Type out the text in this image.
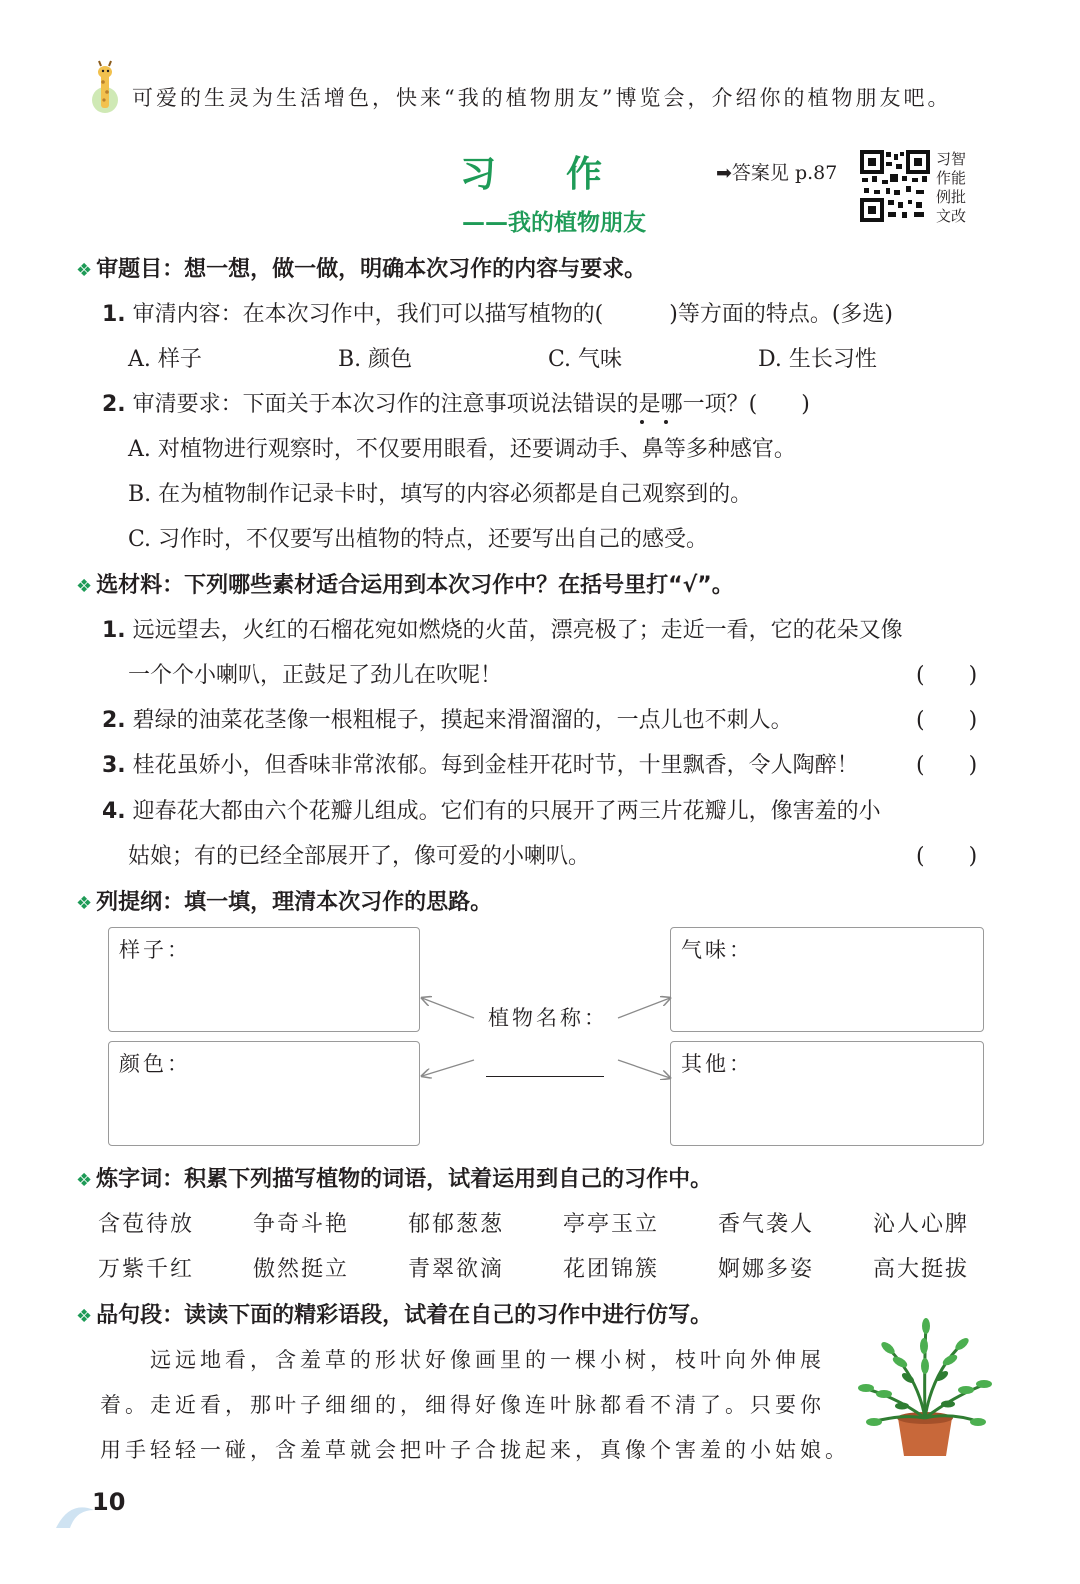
可爱的生灵为生活增色，快来“我的植物朋友”博览会，介绍你的植物朋友吧。
习作
——我的植物朋友
➡答案见 p.87
习智
作能
例批
文改
❖ 审题目：想一想，做一做，明确本次习作的内容与要求。
1. 审清内容：在本次习作中，我们可以描写植物的(　　　)等方面的特点。(多选)
A. 样子	B. 颜色	C. 气味	D. 生长习性
2. 审清要求：下面关于本次习作的注意事项说法错误的是哪一项？(　　)
A. 对植物进行观察时，不仅要用眼看，还要调动手、鼻等多种感官。
B. 在为植物制作记录卡时，填写的内容必须都是自己观察到的。
C. 习作时，不仅要写出植物的特点，还要写出自己的感受。
❖ 选材料：下列哪些素材适合运用到本次习作中？在括号里打“√”。
1. 远远望去，火红的石榴花宛如燃烧的火苗，漂亮极了；走近一看，它的花朵又像
一个个小喇叭，正鼓足了劲儿在吹呢！	(　　)
2. 碧绿的油菜花茎像一根粗棍子，摸起来滑溜溜的，一点儿也不刺人。	(　　)
3. 桂花虽娇小，但香味非常浓郁。每到金桂开花时节，十里飘香，令人陶醉！	(　　)
4. 迎春花大都由六个花瓣儿组成。它们有的只展开了两三片花瓣儿，像害羞的小
姑娘；有的已经全部展开了，像可爱的小喇叭。	(　　)
❖ 列提纲：填一填，理清本次习作的思路。
样子：	气味：
颜色：	其他：
植物名称：
❖ 炼字词：积累下列描写植物的词语，试着运用到自己的习作中。
含苞待放	争奇斗艳	郁郁葱葱	亭亭玉立	香气袭人	沁人心脾
万紫千红	傲然挺立	青翠欲滴	花团锦簇	婀娜多姿	高大挺拔
❖ 品句段：读读下面的精彩语段，试着在自己的习作中进行仿写。
远远地看，含羞草的形状好像画里的一棵小树，枝叶向外伸展
着。走近看，那叶子细细的，细得好像连叶脉都看不清了。只要你
用手轻轻一碰，含羞草就会把叶子合拢起来，真像个害羞的小姑娘。
10
